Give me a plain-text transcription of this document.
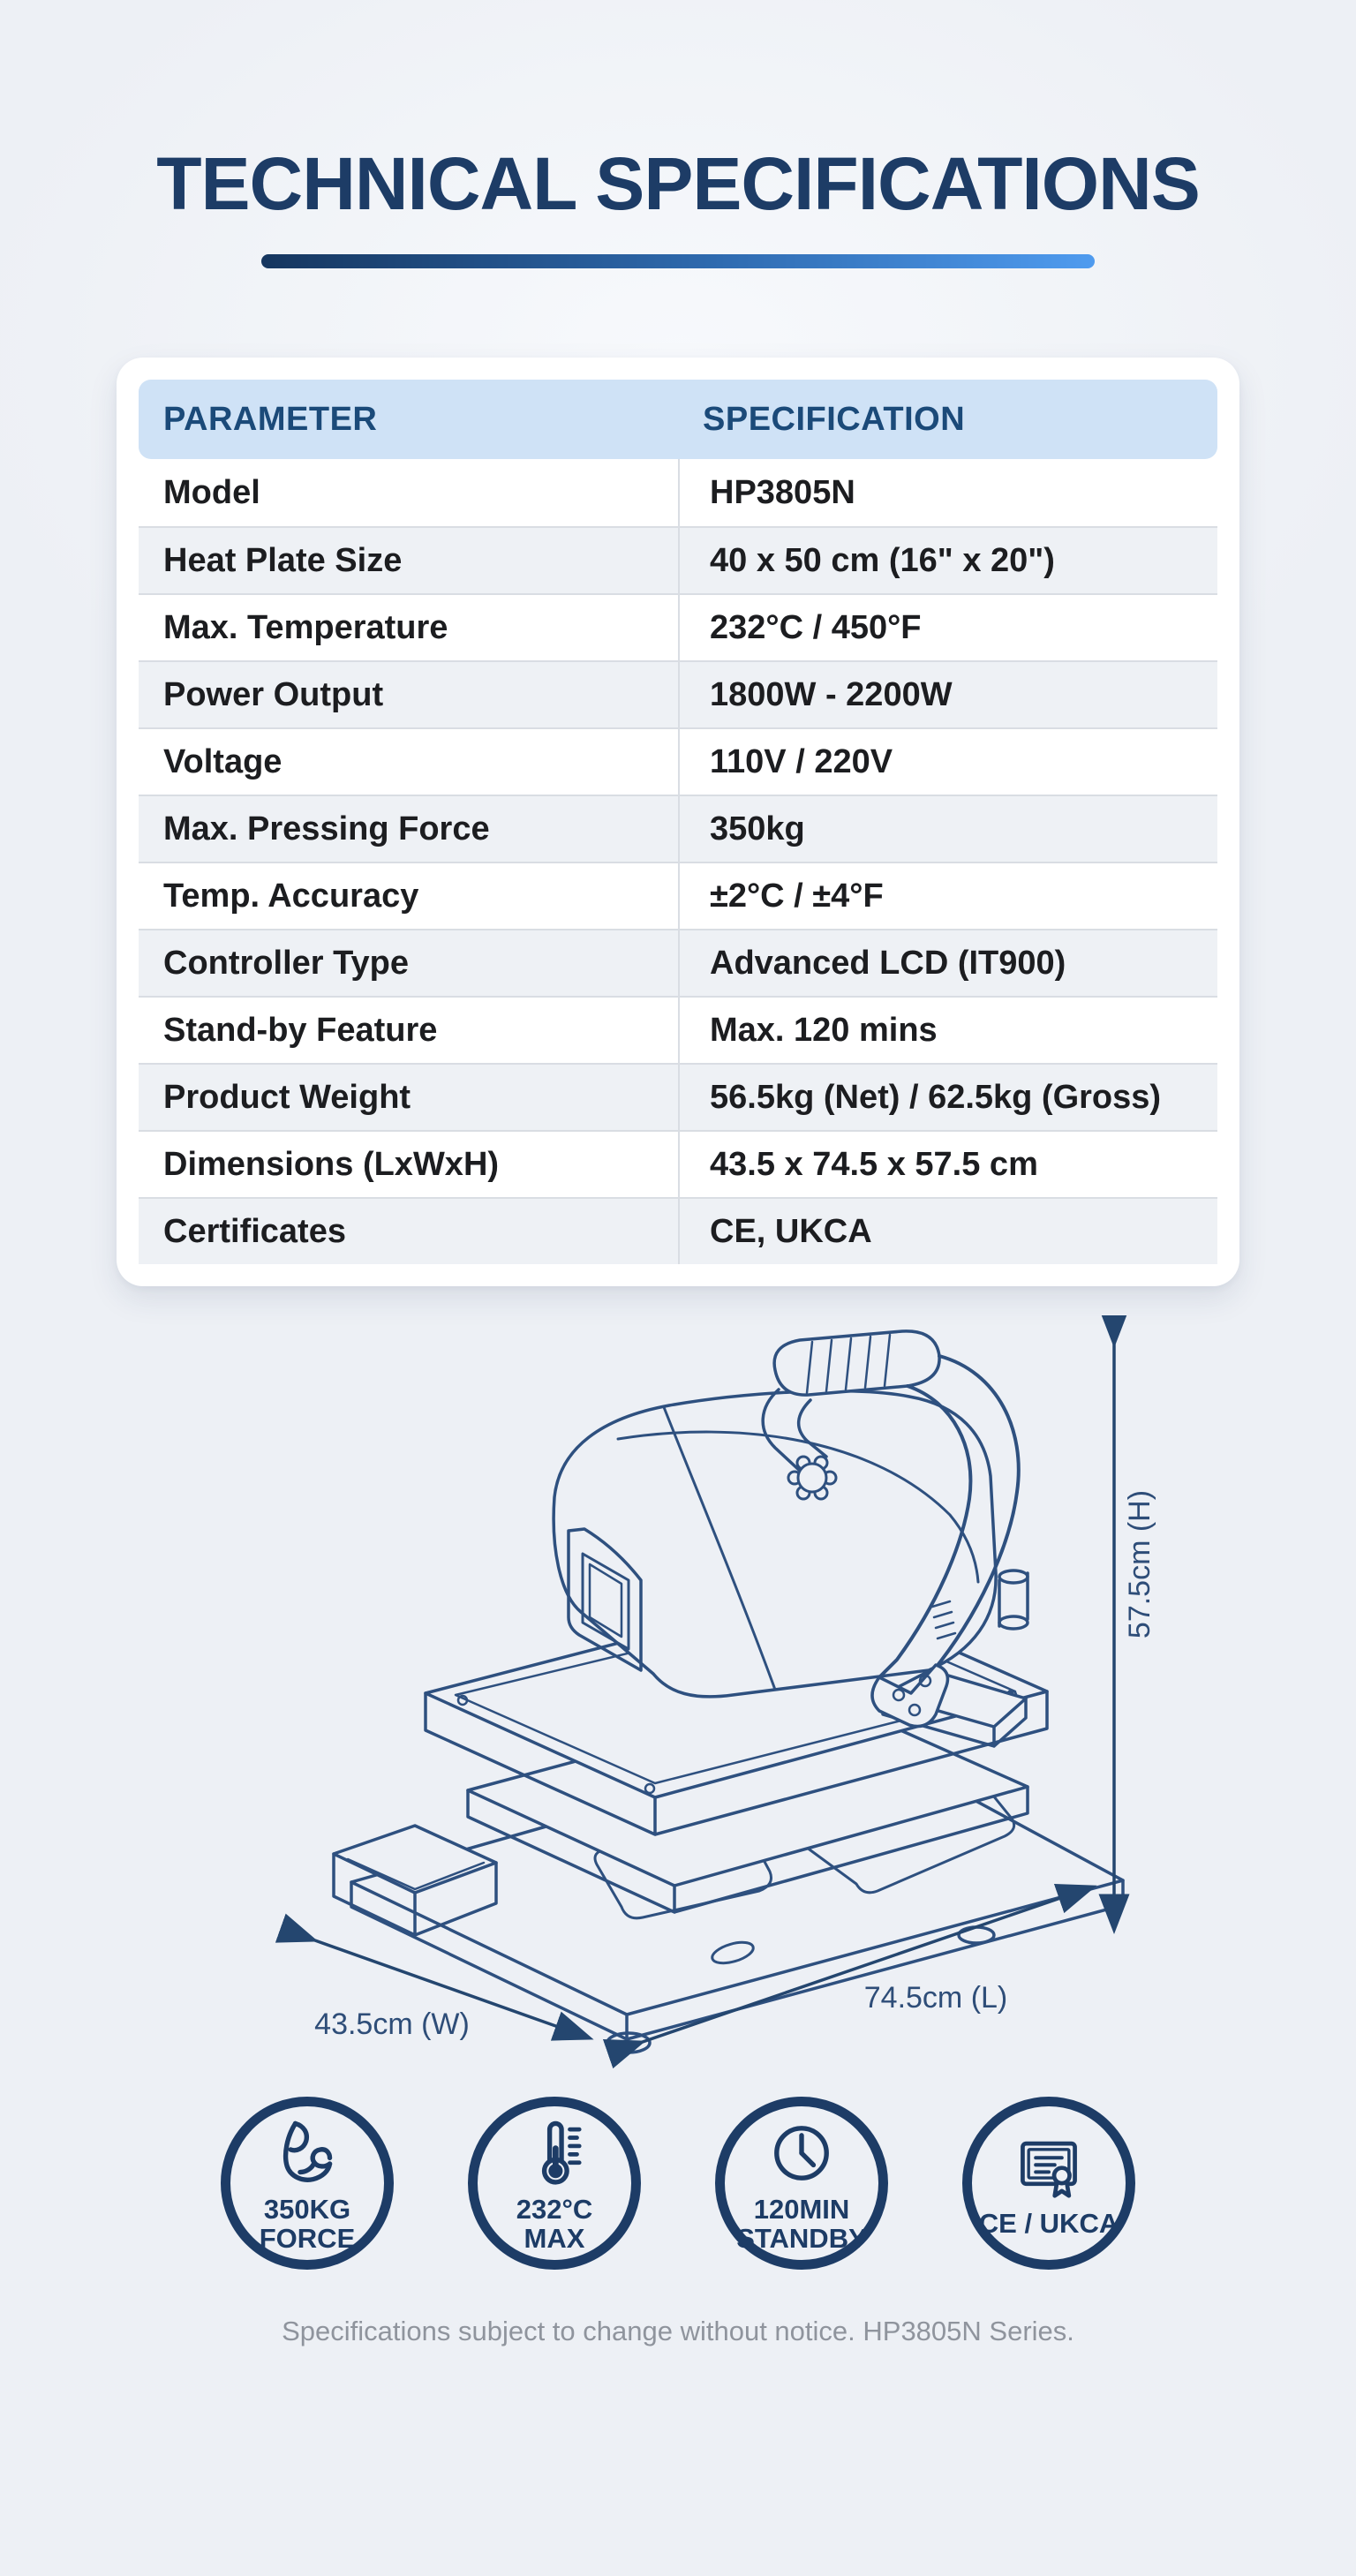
TECHNICAL SPECIFICATIONS
PARAMETER	SPECIFICATION
Model	HP3805N
Heat Plate Size	40 x 50 cm (16" x 20")
Max. Temperature	232°C / 450°F
Power Output	1800W - 2200W
Voltage	110V / 220V
Max. Pressing Force	350kg
Temp. Accuracy	±2°C / ±4°F
Controller Type	Advanced LCD (IT900)
Stand-by Feature	Max. 120 mins
Product Weight	56.5kg (Net) / 62.5kg (Gross)
Dimensions (LxWxH)	43.5 x 74.5 x 57.5 cm
Certificates	CE, UKCA
57.5cm (H)
43.5cm (W)
74.5cm (L)
350KG
FORCE
232°C
MAX
120MIN
STANDBY	CE / UKCA
Specifications subject to change without notice. HP3805N Series.
